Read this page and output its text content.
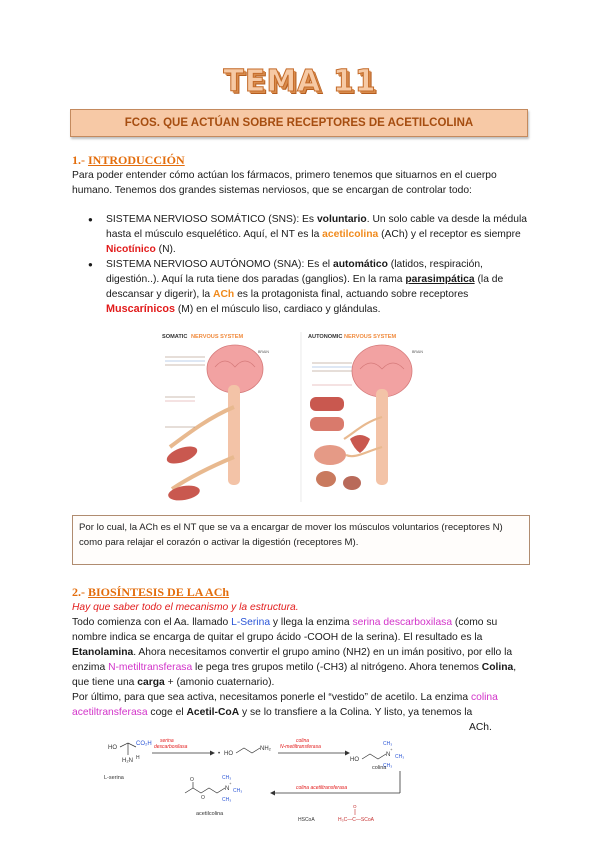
TEMA 11
FCOS. QUE ACTÚAN SOBRE RECEPTORES DE ACETILCOLINA
1.- INTRODUCCIÓN

Para poder entender cómo actúan los fármacos, primero tenemos que situarnos en el cuerpo humano. Tenemos dos grandes sistemas nerviosos, que se encargan de controlar todo:

● SISTEMA NERVIOSO SOMÁTICO (SNS): Es voluntario. Un solo cable va desde la médula hasta el músculo esquelético. Aquí, el NT es la acetilcolina (ACh) y el receptor es siempre Nicotínico (N).
● SISTEMA NERVIOSO AUTÓNOMO (SNA): Es el automático (latidos, respiración, digestión..). Aquí la ruta tiene dos paradas (ganglios). En la rama parasimpática (la de descansar y digerir), la ACh es la protagonista final, actuando sobre receptores Muscarínicos (M) en el músculo liso, cardiaco y glándulas.
SOMATIC NERVOUS SYSTEM
BRAIN
AUTONOMIC NERVOUS SYSTEM
BRAIN
Por lo cual, la ACh es el NT que se va a encargar de mover los músculos voluntarios (receptores N) como para relajar el corazón o activar la digestión (receptores M).
2.- BIOSÍNTESIS DE LA ACh

Hay que saber todo el mecanismo y la estructura.

Todo comienza con el Aa. llamado L-Serina y llega la enzima serina descarboxilasa (como su nombre indica se encarga de quitar el grupo ácido -COOH de la serina). El resultado es la Etanolamina. Ahora necesitamos convertir el grupo amino (NH2) en un imán positivo, por ello la enzima N-metiltransferasa le pega tres grupos metilo (-CH3) al nitrógeno. Ahora tenemos Colina, que tiene una carga + (amonio cuaternario).

Por último, para que sea activa, necesitamos ponerle el “vestido” de acetilo. La enzima colina acetiltransferasa coge el Acetil-CoA y se lo transfiere a la Colina. Y listo, ya tenemos la

ACh.
HO
CO₂H
H₂N H
L-serina
serina
descarboxilasa
• HO
NH₂
colina
N-metiltransferasa
HO
N
⁺
CH₃
CH₃
CH₃
colina
colina acetiltransferasa
O
O
N
⁺
CH₃
CH₃
CH₃
acetilcolina
HSCoA	H₃C—C—SCoA
O
